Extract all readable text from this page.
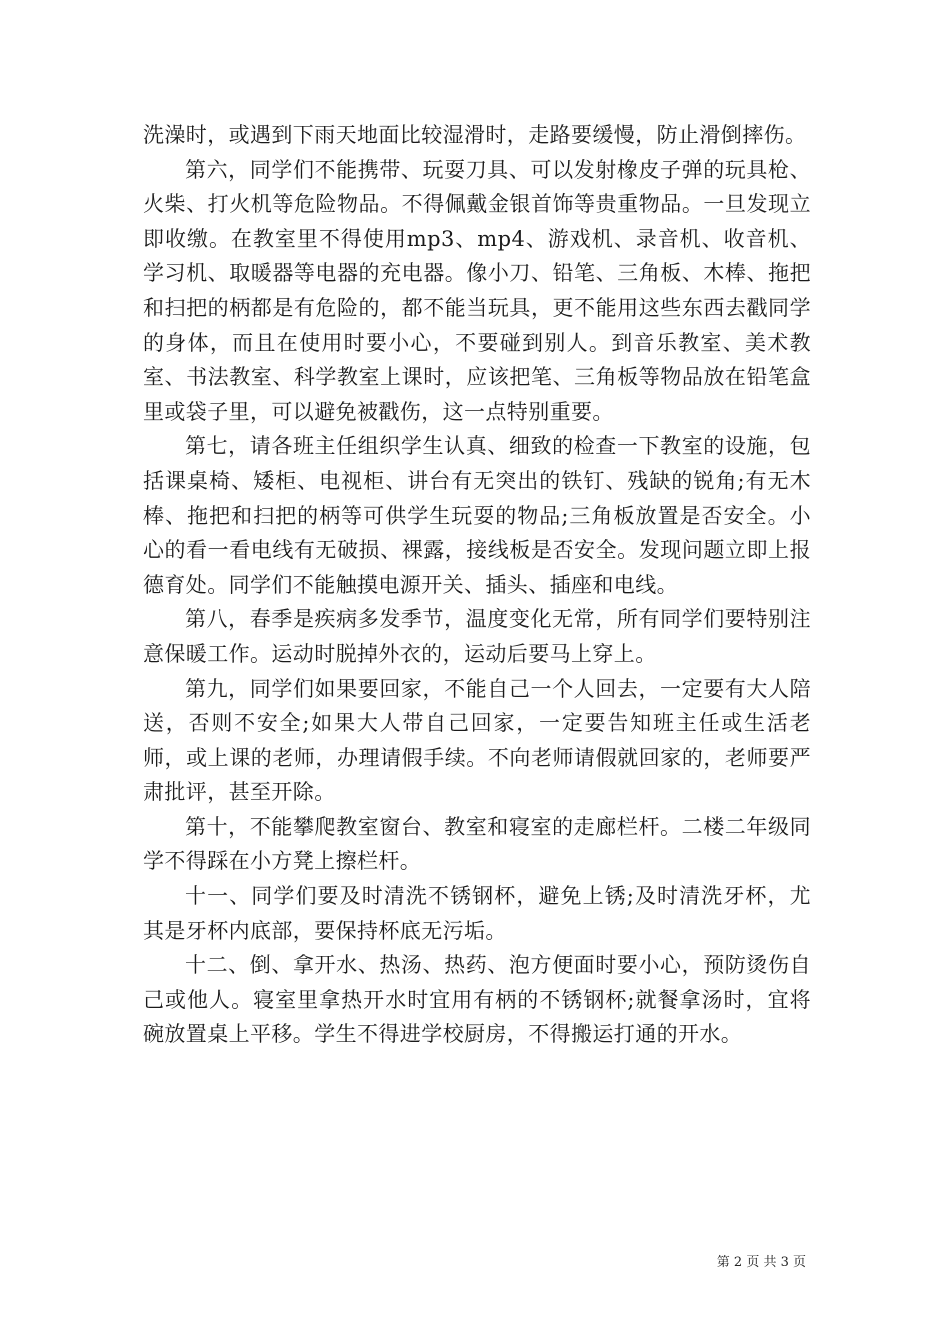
洗澡时，或遇到下雨天地面比较湿滑时，走路要缓慢，防止滑倒摔伤。

第六，同学们不能携带、玩耍刀具、可以发射橡皮子弹的玩具枪、火柴、打火机等危险物品。不得佩戴金银首饰等贵重物品。一旦发现立即收缴。在教室里不得使用mp3、mp4、游戏机、录音机、收音机、学习机、取暖器等电器的充电器。像小刀、铅笔、三角板、木棒、拖把和扫把的柄都是有危险的，都不能当玩具，更不能用这些东西去戳同学的身体，而且在使用时要小心，不要碰到别人。到音乐教室、美术教室、书法教室、科学教室上课时，应该把笔、三角板等物品放在铅笔盒里或袋子里，可以避免被戳伤，这一点特别重要。

第七，请各班主任组织学生认真、细致的检查一下教室的设施，包括课桌椅、矮柜、电视柜、讲台有无突出的铁钉、残缺的锐角;有无木棒、拖把和扫把的柄等可供学生玩耍的物品;三角板放置是否安全。小心的看一看电线有无破损、裸露，接线板是否安全。发现问题立即上报德育处。同学们不能触摸电源开关、插头、插座和电线。

第八，春季是疾病多发季节，温度变化无常，所有同学们要特别注意保暖工作。运动时脱掉外衣的，运动后要马上穿上。

第九，同学们如果要回家，不能自己一个人回去，一定要有大人陪送，否则不安全;如果大人带自己回家，一定要告知班主任或生活老师，或上课的老师，办理请假手续。不向老师请假就回家的，老师要严肃批评，甚至开除。

第十，不能攀爬教室窗台、教室和寝室的走廊栏杆。二楼二年级同学不得踩在小方凳上擦栏杆。

十一、同学们要及时清洗不锈钢杯，避免上锈;及时清洗牙杯，尤其是牙杯内底部，要保持杯底无污垢。

十二、倒、拿开水、热汤、热药、泡方便面时要小心，预防烫伤自己或他人。寝室里拿热开水时宜用有柄的不锈钢杯;就餐拿汤时，宜将碗放置桌上平移。学生不得进学校厨房，不得搬运打通的开水。

第 2 页 共 3 页
